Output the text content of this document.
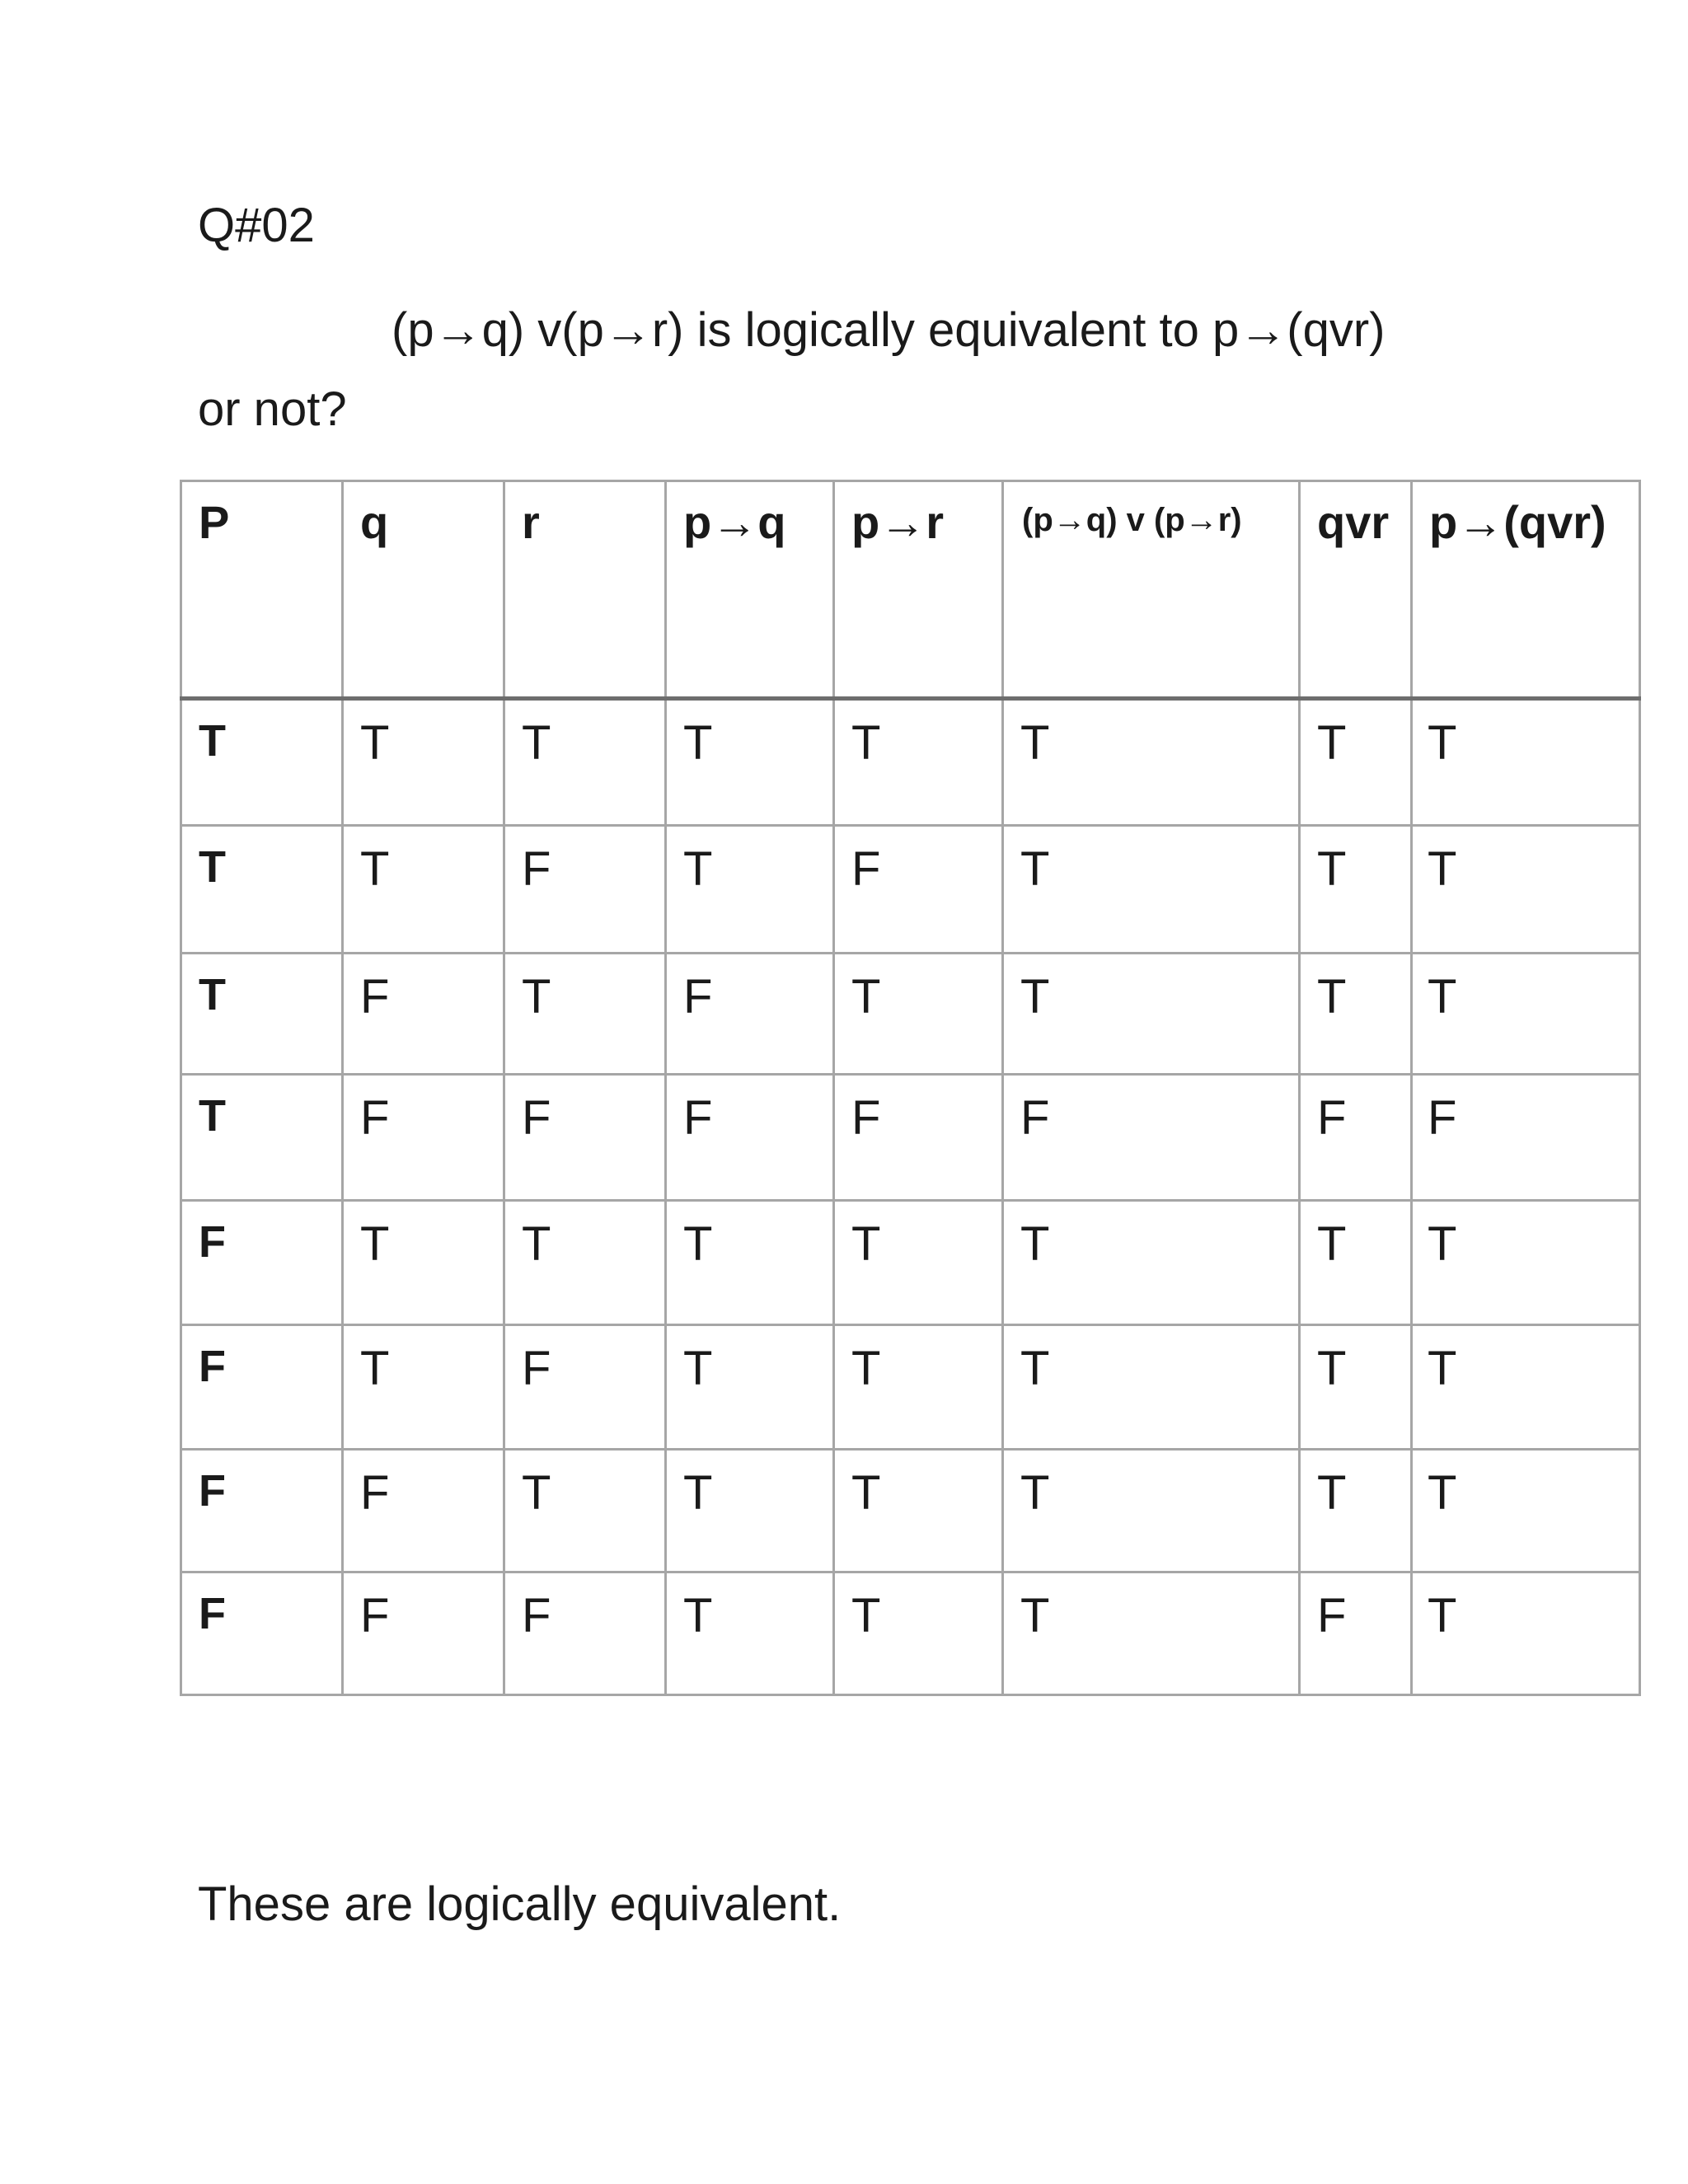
Q#02
(p→q) v(p→r) is logically equivalent to p→(qvr)
or not?
P	q	r	p→q	p→r	(p→q) v (p→r)	qvr	p→(qvr)
T	T	T	T	T	T	T	T
T	T	F	T	F	T	T	T
T	F	T	F	T	T	T	T
T	F	F	F	F	F	F	F
F	T	T	T	T	T	T	T
F	T	F	T	T	T	T	T
F	F	T	T	T	T	T	T
F	F	F	T	T	T	F	T
These are logically equivalent.
